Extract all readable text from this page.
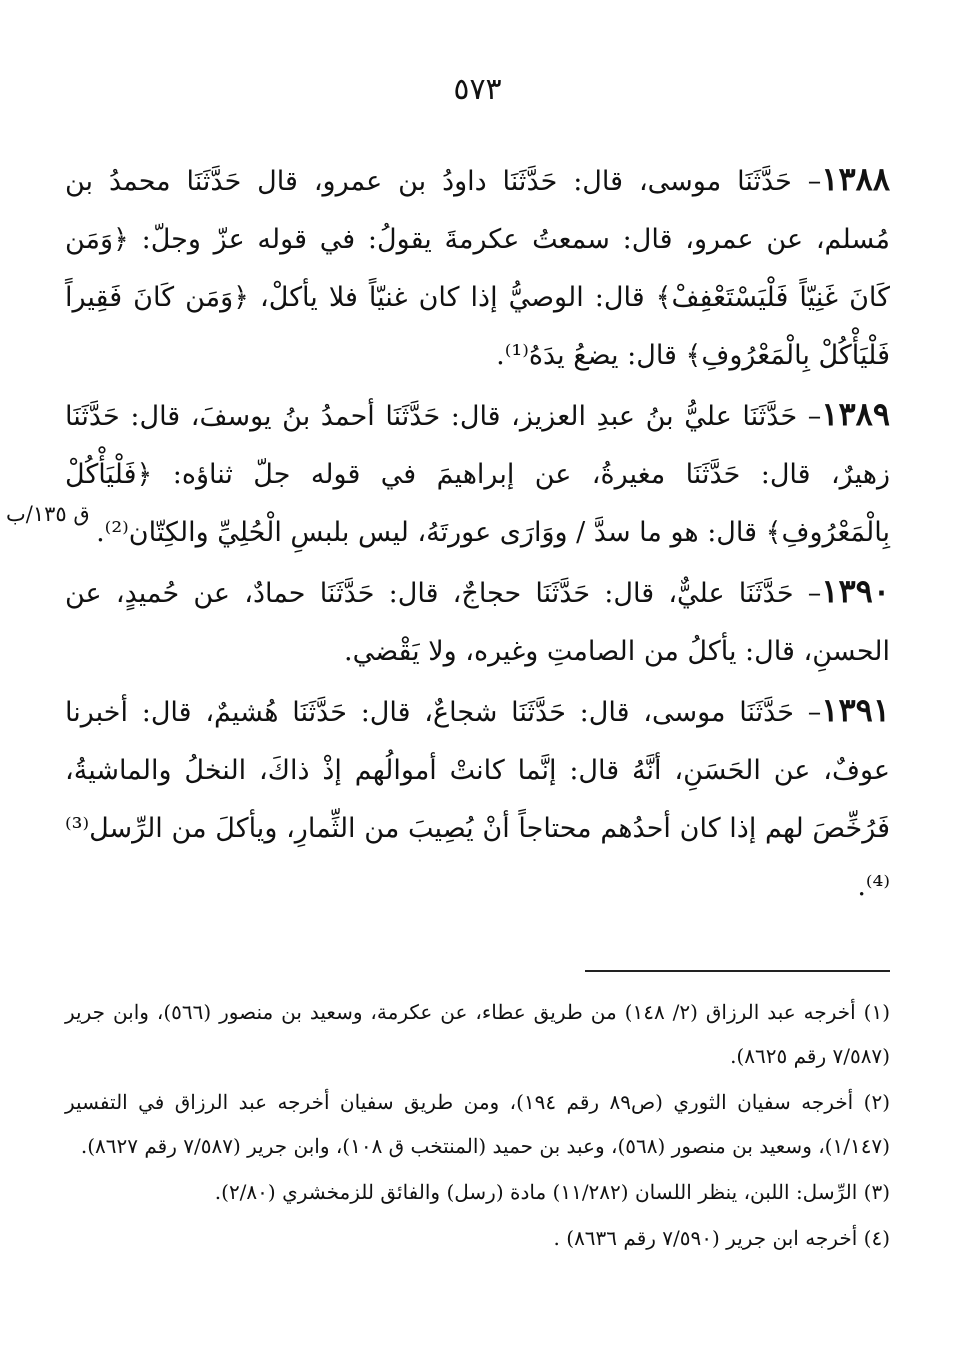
٥٧٣

١٣٨٨– حَدَّثَنَا موسى، قال: حَدَّثَنَا داودُ بن عمرو، قال حَدَّثَنَا محمدُ بن مُسلم، عن عمرو، قال: سمعتُ عكرمةَ يقولُ: في قوله عزّ وجلّ: ﴿وَمَن كَانَ غَنِيّاً فَلْيَسْتَعْفِفْ﴾ قال: الوصيُّ إذا كان غنيّاً فلا يأكلْ، ﴿وَمَن كَانَ فَقِيراً فَلْيَأْكُلْ بِالْمَعْرُوفِ﴾ قال: يضعُ يدَهُ⁽¹⁾.

١٣٨٩– حَدَّثَنَا عليُّ بنُ عبدِ العزيز، قال: حَدَّثَنَا أحمدُ بنُ يوسفَ، قال: حَدَّثَنَا زهيرٌ، قال: حَدَّثَنَا مغيرةُ، عن إبراهيمَ في قوله جلّ ثناؤه: ﴿فَلْيَأْكُلْ بِالْمَعْرُوفِ﴾ قال: هو ما سدَّ / ووَارَى عورتَهُ، ليس بلبسِ الْحُلِيِّ والكِتّان⁽²⁾.

١٣٩٠– حَدَّثَنَا عليٌّ، قال: حَدَّثَنَا حجاجٌ، قال: حَدَّثَنَا حمادٌ، عن حُميدٍ، عن الحسنِ، قال: يأكلُ من الصامتِ وغيره، ولا يَقْضي.

١٣٩١– حَدَّثَنَا موسى، قال: حَدَّثَنَا شجاعٌ، قال: حَدَّثَنَا هُشيمٌ، قال: أخبرنا عوفٌ، عن الحَسَنِ، أنَّهُ قال: إنَّما كانتْ أموالُهم إذْ ذاكَ، النخلُ والماشيةُ، فَرُخِّصَ لهم إذا كان أحدُهم محتاجاً أنْ يُصِيبَ من الثِّمارِ، ويأكلَ من الرِّسل⁽³⁾⁽⁴⁾.

ق ١٣٥/ب

(١) أخرجه عبد الرزاق (٢/ ١٤٨) من طريق عطاء، عن عكرمة، وسعيد بن منصور (٥٦٦)، وابن جرير (٧/٥٨٧ رقم ٨٦٢٥).

(٢) أخرجه سفيان الثوري (ص٨٩ رقم ١٩٤)، ومن طريق سفيان أخرجه عبد الرزاق في التفسير (١/١٤٧)، وسعيد بن منصور (٥٦٨)، وعبد بن حميد (المنتخب ق ١٠٨)، وابن جرير (٧/٥٨٧ رقم ٨٦٢٧).

(٣) الرِّسل: اللبن، ينظر اللسان (١١/٢٨٢) مادة (رسل) والفائق للزمخشري (٢/٨٠).

(٤) أخرجه ابن جرير (٧/٥٩٠ رقم ٨٦٣٦) .
